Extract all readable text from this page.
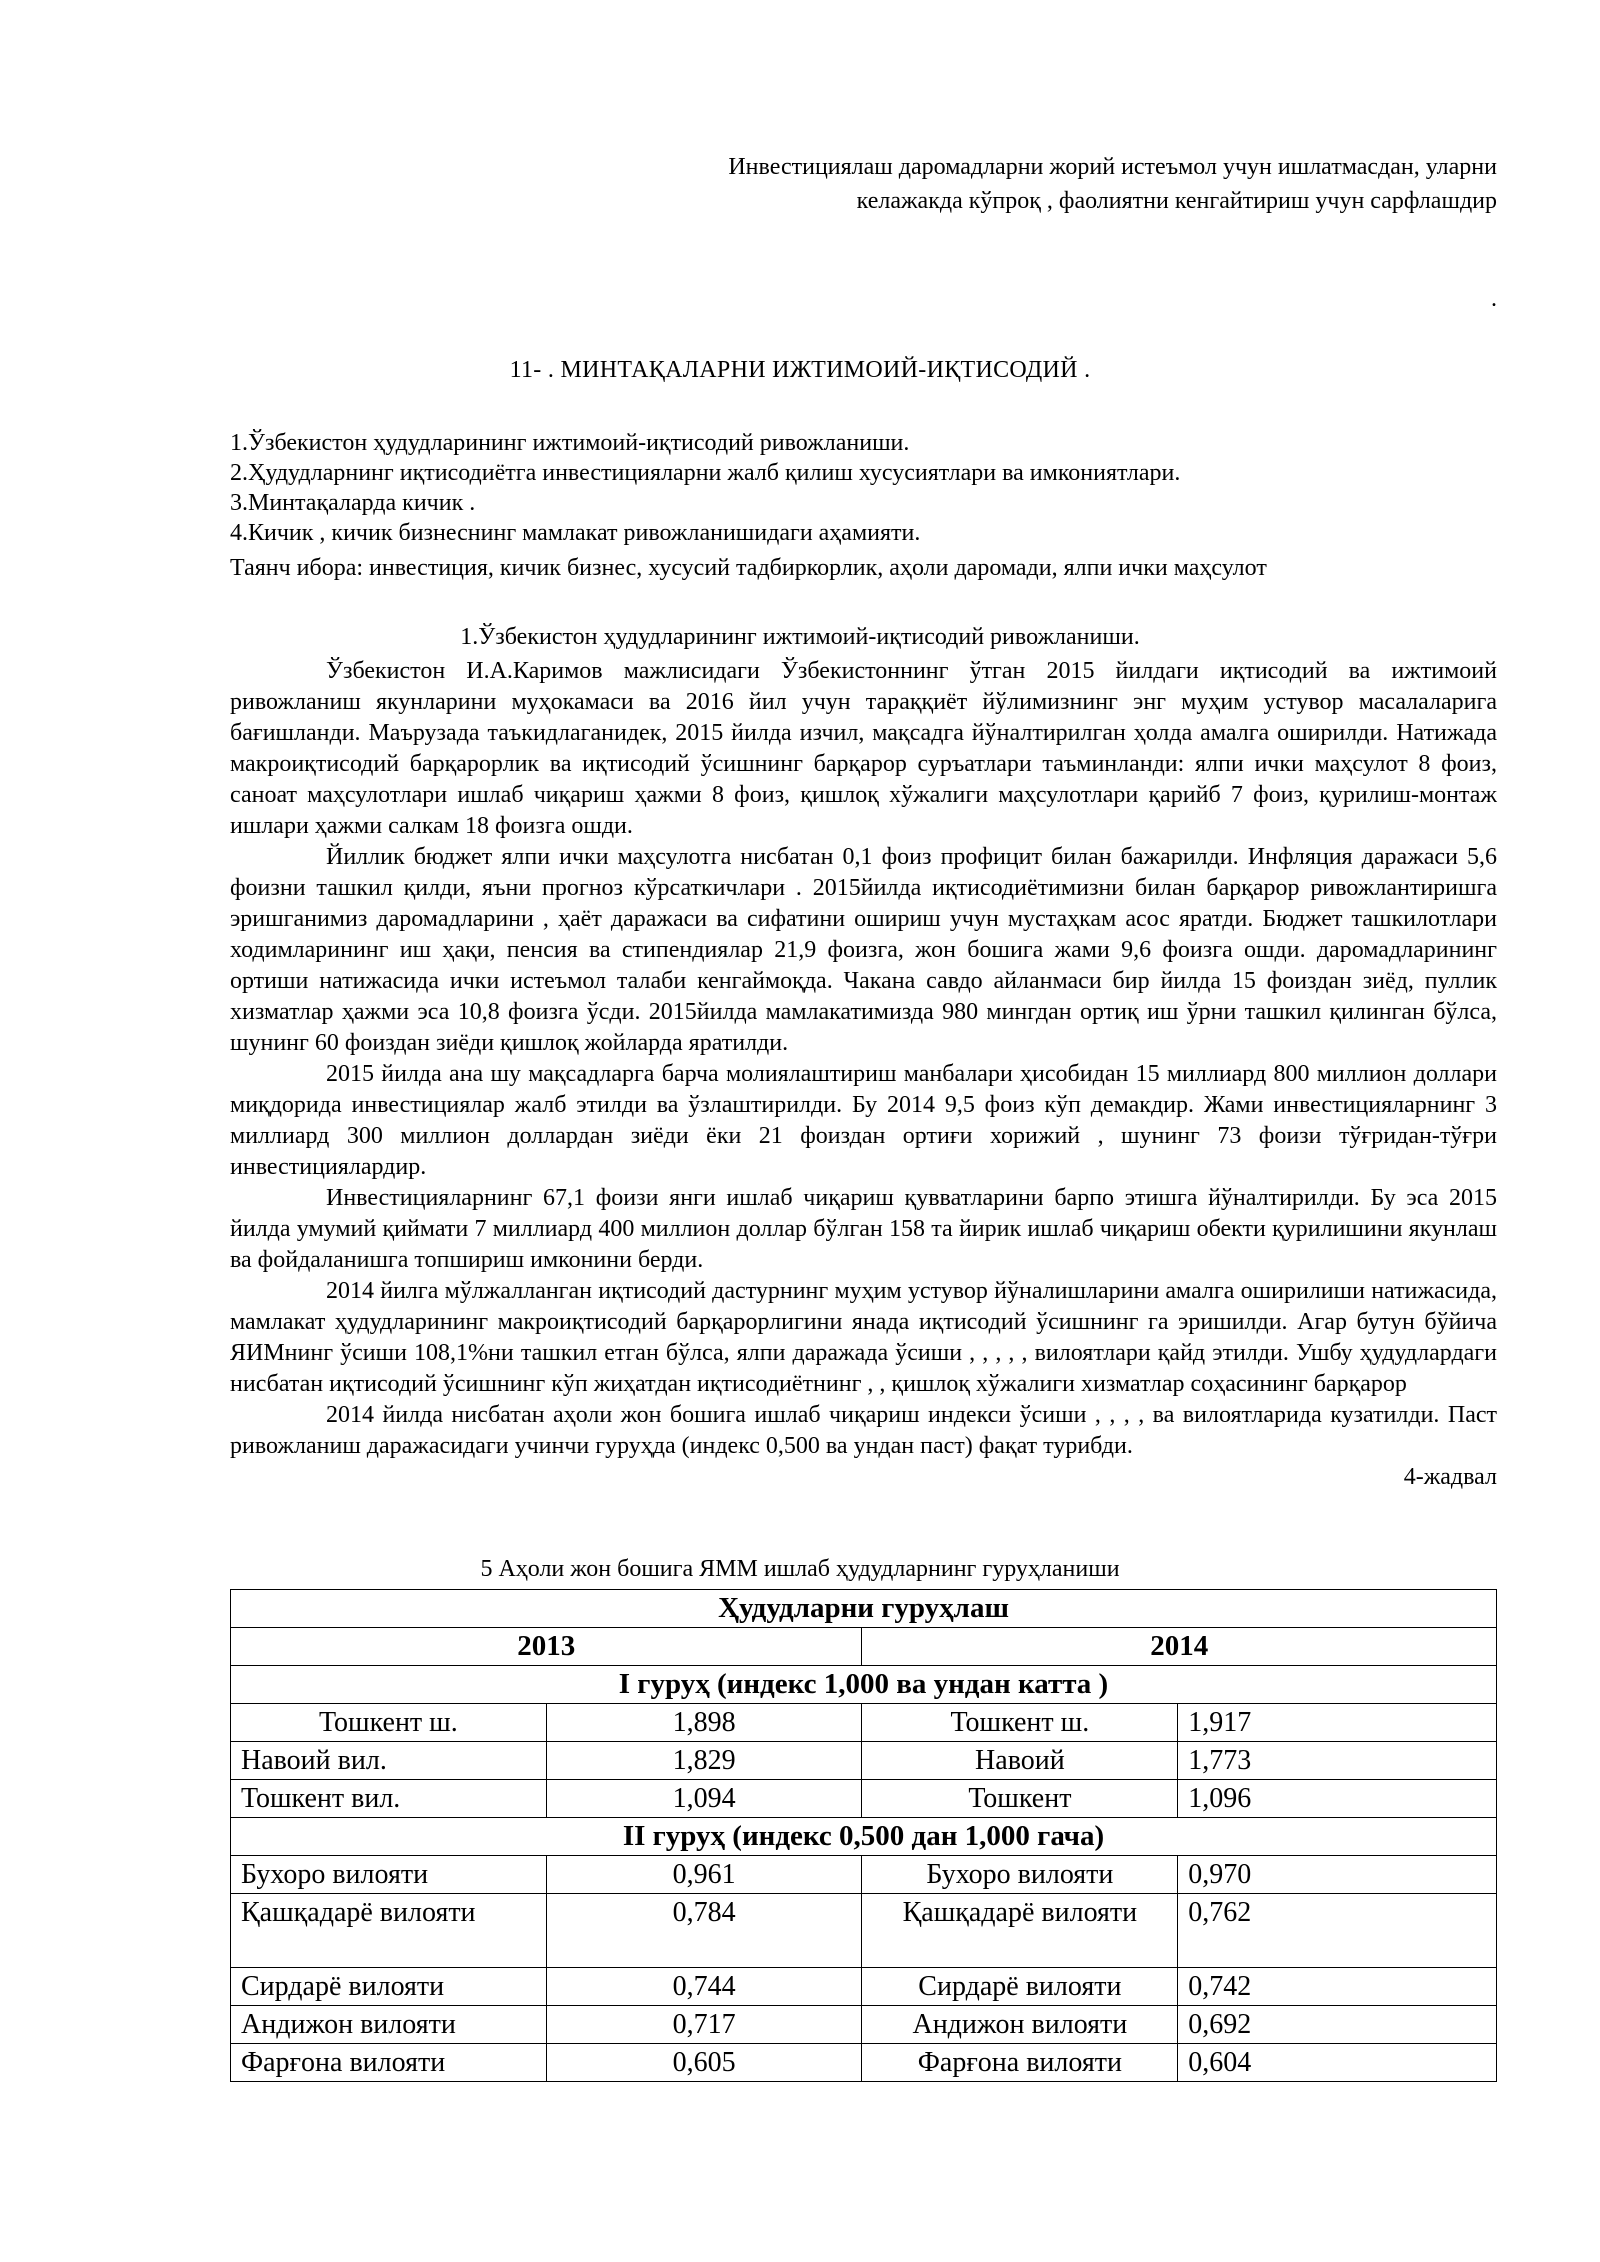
Инвестициялаш даромадларни жорий истеъмол учун ишлатмасдан, уларни келажакда кўпроқ , фаолиятни кенгайтириш учун сарфлашдир
.
11- . МИНТАҚАЛАРНИ ИЖТИМОИЙ-ИҚТИСОДИЙ .
1.Ўзбекистон ҳудудларининг ижтимоий-иқтисодий ривожланиши.
2.Ҳудудларнинг иқтисодиётга инвестицияларни жалб қилиш хусусиятлари ва имкониятлари.
3.Минтақаларда кичик .
4.Кичик , кичик бизнеснинг мамлакат ривожланишидаги аҳамияти.
Таянч ибора: инвестиция, кичик бизнес, хусусий тадбиркорлик, аҳоли даромади, ялпи ички маҳсулот
1.Ўзбекистон ҳудудларининг ижтимоий-иқтисодий ривожланиши.

Ўзбекистон И.А.Каримов мажлисидаги Ўзбекистоннинг ўтган 2015 йилдаги иқтисодий ва ижтимоий ривожланиш якунларини муҳокамаси ва 2016 йил учун тараққиёт йўлимизнинг энг муҳим устувор масалаларига бағишланди. Маърузада таъкидлаганидек, 2015 йилда изчил, мақсадга йўналтирилган ҳолда амалга оширилди. Натижада макроиқтисодий барқарорлик ва иқтисодий ўсишнинг барқарор суръатлари таъминланди: ялпи ички маҳсулот 8 фоиз, саноат маҳсулотлари ишлаб чиқариш ҳажми 8 фоиз, қишлоқ хўжалиги маҳсулотлари қарийб 7 фоиз, қурилиш-монтаж ишлари ҳажми салкам 18 фоизга ошди.

Йиллик бюджет ялпи ички маҳсулотга нисбатан 0,1 фоиз профицит билан бажарилди. Инфляция даражаси 5,6 фоизни ташкил қилди, яъни прогноз кўрсаткичлари . 2015йилда иқтисодиётимизни билан барқарор ривожлантиришга эришганимиз даромадларини , ҳаёт даражаси ва сифатини ошириш учун мустаҳкам асос яратди. Бюджет ташкилотлари ходимларининг иш ҳақи, пенсия ва стипендиялар 21,9 фоизга, жон бошига жами 9,6 фоизга ошди. даромадларининг ортиши натижасида ички истеъмол талаби кенгаймоқда. Чакана савдо айланмаси бир йилда 15 фоиздан зиёд, пуллик хизматлар ҳажми эса 10,8 фоизга ўсди. 2015йилда мамлакатимизда 980 мингдан ортиқ иш ўрни ташкил қилинган бўлса, шунинг 60 фоиздан зиёди қишлоқ жойларда яратилди.

2015 йилда ана шу мақсадларга барча молиялаштириш манбалари ҳисобидан 15 миллиард 800 миллион доллари миқдорида инвестициялар жалб этилди ва ўзлаштирилди. Бу 2014 9,5 фоиз кўп демакдир. Жами инвестицияларнинг 3 миллиард 300 миллион доллардан зиёди ёки 21 фоиздан ортиғи хорижий , шунинг 73 фоизи тўғридан-тўғри инвестициялардир.

Инвестицияларнинг 67,1 фоизи янги ишлаб чиқариш қувватларини барпо этишга йўналтирилди. Бу эса 2015 йилда умумий қиймати 7 миллиард 400 миллион доллар бўлган 158 та йирик ишлаб чиқариш обекти қурилишини якунлаш ва фойдаланишга топшириш имконини берди.

2014 йилга мўлжалланган иқтисодий дастурнинг муҳим устувор йўналишларини амалга оширилиши натижасида, мамлакат ҳудудларининг макроиқтисодий барқарорлигини янада иқтисодий ўсишнинг га эришилди. Агар бутун бўйича ЯИМнинг ўсиши 108,1%ни ташкил етган бўлса, ялпи даражада ўсиши , , , , , вилоятлари қайд этилди. Ушбу ҳудудлардаги нисбатан иқтисодий ўсишнинг кўп жиҳатдан иқтисодиётнинг , , қишлоқ хўжалиги хизматлар соҳасининг барқарор

2014 йилда нисбатан аҳоли жон бошига ишлаб чиқариш индекси ўсиши , , , , ва вилоятларида кузатилди. Паст ривожланиш даражасидаги учинчи гуруҳда (индекс 0,500 ва ундан паст) фақат турибди.

4-жадвал
5 Аҳоли жон бошига ЯММ ишлаб ҳудудларнинг гуруҳланиши
Ҳудудларни гуруҳлаш			
2013		2014	
I гуруҳ (индекс 1,000 ва ундан катта )			
Тошкент ш.	1,898	Тошкент ш.	1,917
Навоий вил.	1,829	Навоий	1,773
Тошкент вил.	1,094	Тошкент	1,096
II гуруҳ (индекс 0,500 дан 1,000 гача)			
Бухоро вилояти	0,961	Бухоро вилояти	0,970
Қашқадарё вилояти	0,784	Қашқадарё вилояти	0,762
Сирдарё вилояти	0,744	Сирдарё вилояти	0,742
Андижон вилояти	0,717	Андижон вилояти	0,692
Фарғона вилояти	0,605	Фарғона вилояти	0,604
